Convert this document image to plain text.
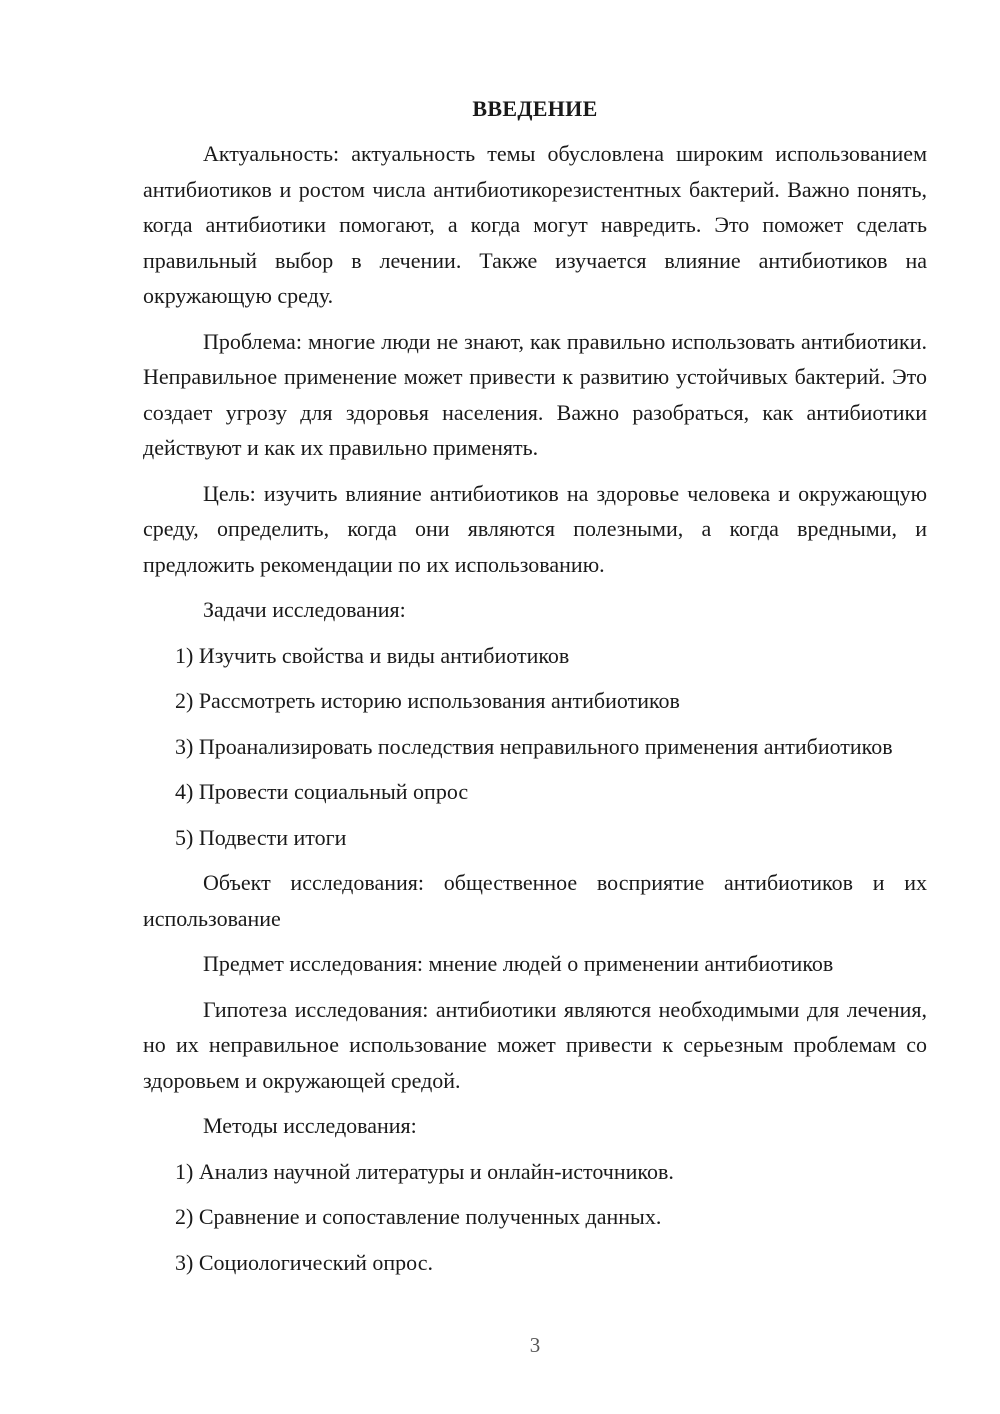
ВВЕДЕНИЕ

Актуальность: актуальность темы обусловлена широким использованием антибиотиков и ростом числа антибиотикорезистентных бактерий. Важно понять, когда антибиотики помогают, а когда могут навредить. Это поможет сделать правильный выбор в лечении. Также изучается влияние антибиотиков на окружающую среду.

Проблема: многие люди не знают, как правильно использовать антибиотики. Неправильное применение может привести к развитию устойчивых бактерий. Это создает угрозу для здоровья населения. Важно разобраться, как антибиотики действуют и как их правильно применять.

Цель: изучить влияние антибиотиков на здоровье человека и окружающую среду, определить, когда они являются полезными, а когда вредными, и предложить рекомендации по их использованию.

Задачи исследования:
1) Изучить свойства и виды антибиотиков
2) Рассмотреть историю использования антибиотиков
3) Проанализировать последствия неправильного применения антибиотиков
4) Провести социальный опрос
5) Подвести итоги

Объект исследования: общественное восприятие антибиотиков и их использование

Предмет исследования: мнение людей о применении антибиотиков

Гипотеза исследования: антибиотики являются необходимыми для лечения, но их неправильное использование может привести к серьезным проблемам со здоровьем и окружающей средой.

Методы исследования:
1) Анализ научной литературы и онлайн-источников.
2) Сравнение и сопоставление полученных данных.
3) Социологический опрос.
3
